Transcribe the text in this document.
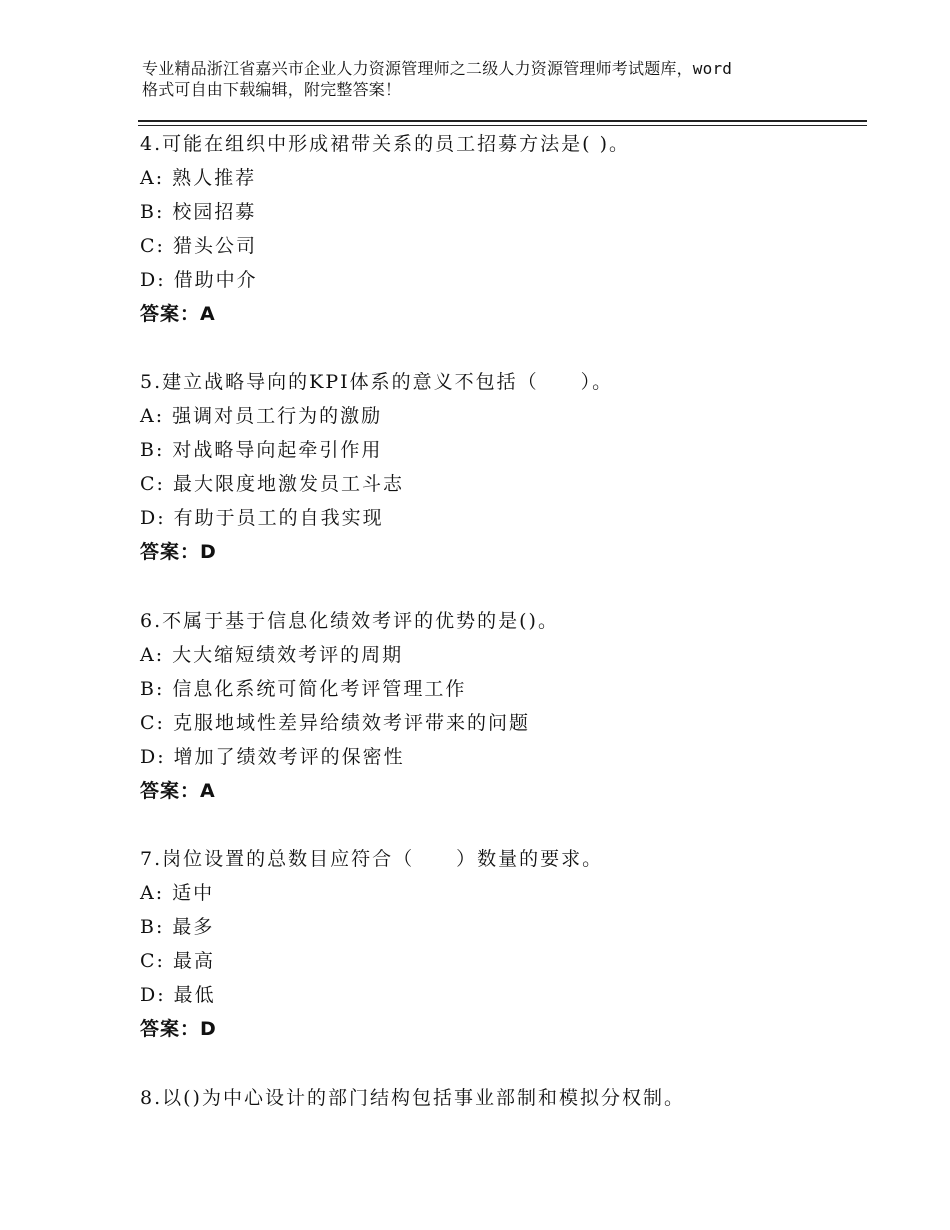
专业精品浙江省嘉兴市企业人力资源管理师之二级人力资源管理师考试题库，word
格式可自由下载编辑，附完整答案！
4.可能在组织中形成裙带关系的员工招募方法是( )。
A: 熟人推荐
B: 校园招募
C: 猎头公司
D: 借助中介
答案：A
5.建立战略导向的KPI体系的意义不包括（　　）。
A: 强调对员工行为的激励
B: 对战略导向起牵引作用
C: 最大限度地激发员工斗志
D: 有助于员工的自我实现
答案：D
6.不属于基于信息化绩效考评的优势的是()。
A: 大大缩短绩效考评的周期
B: 信息化系统可简化考评管理工作
C: 克服地域性差异给绩效考评带来的问题
D: 增加了绩效考评的保密性
答案：A
7.岗位设置的总数目应符合（　　）数量的要求。
A: 适中
B: 最多
C: 最高
D: 最低
答案：D
8.以()为中心设计的部门结构包括事业部制和模拟分权制。
